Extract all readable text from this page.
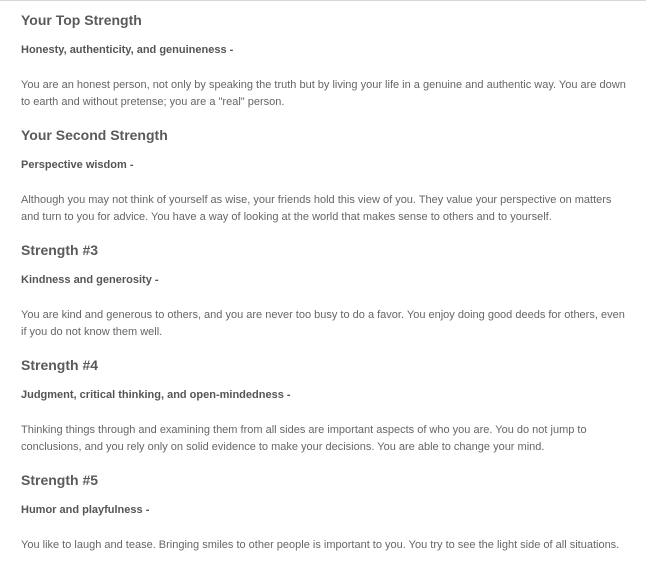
Your Top Strength

Honesty, authenticity, and genuineness -

You are an honest person, not only by speaking the truth but by living your life in a genuine and authentic way. You are down to earth and without pretense; you are a "real" person.

Your Second Strength

Perspective wisdom -

Although you may not think of yourself as wise, your friends hold this view of you. They value your perspective on matters and turn to you for advice. You have a way of looking at the world that makes sense to others and to yourself.

Strength #3

Kindness and generosity -

You are kind and generous to others, and you are never too busy to do a favor. You enjoy doing good deeds for others, even if you do not know them well.

Strength #4

Judgment, critical thinking, and open-mindedness -

Thinking things through and examining them from all sides are important aspects of who you are. You do not jump to conclusions, and you rely only on solid evidence to make your decisions. You are able to change your mind.

Strength #5

Humor and playfulness -

You like to laugh and tease. Bringing smiles to other people is important to you. You try to see the light side of all situations.
